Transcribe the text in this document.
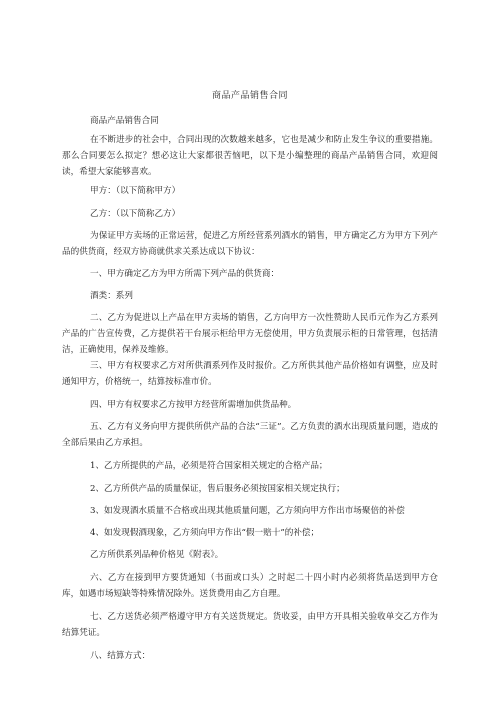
商品产品销售合同
商品产品销售合同
在不断进步的社会中，合同出现的次数越来越多，它也是减少和防止发生争议的重要措施。那么合同要怎么拟定？想必这让大家都很苦恼吧，以下是小编整理的商品产品销售合同，欢迎阅读，希望大家能够喜欢。
甲方：（以下简称甲方）
乙方：（以下简称乙方）
为保证甲方卖场的正常运营，促进乙方所经营系列酒水的销售，甲方确定乙方为甲方下列产品的供货商，经双方协商就供求关系达成以下协议：
一、甲方确定乙方为甲方所需下列产品的供货商：
酒类：系列
二、乙方为促进以上产品在甲方卖场的销售，乙方向甲方一次性赞助人民币元作为乙方系列产品的广告宣传费，乙方提供若干台展示柜给甲方无偿使用，甲方负责展示柜的日常管理，包括清洁，正确使用，保养及维修。
三、甲方有权要求乙方对所供酒系列作及时报价。乙方所供其他产品价格如有调整，应及时通知甲方，价格统一，结算按标准市价。
四、甲方有权要求乙方按甲方经营所需增加供货品种。
五、乙方有义务向甲方提供所供产品的合法“三证”。乙方负责的酒水出现质量问题，造成的全部后果由乙方承担。
1、乙方所提供的产品，必须是符合国家相关规定的合格产品；
2、乙方所供产品的质量保证，售后服务必须按国家相关规定执行；
3、如发现酒水质量不合格或出现其他质量问题，乙方须向甲方作出市场聚倍的补偿
4、如发现假酒现象，乙方须向甲方作出“假一赔十”的补偿；
乙方所供系列品种价格见《附表》。
六、乙方在接到甲方要货通知（书面或口头）之时起二十四小时内必须将货品送到甲方仓库，如遇市场短缺等特殊情况除外。送货费用由乙方自理。
七、乙方送货必须严格遵守甲方有关送货规定。货收妥，由甲方开具相关验收单交乙方作为结算凭证。
八、结算方式：
